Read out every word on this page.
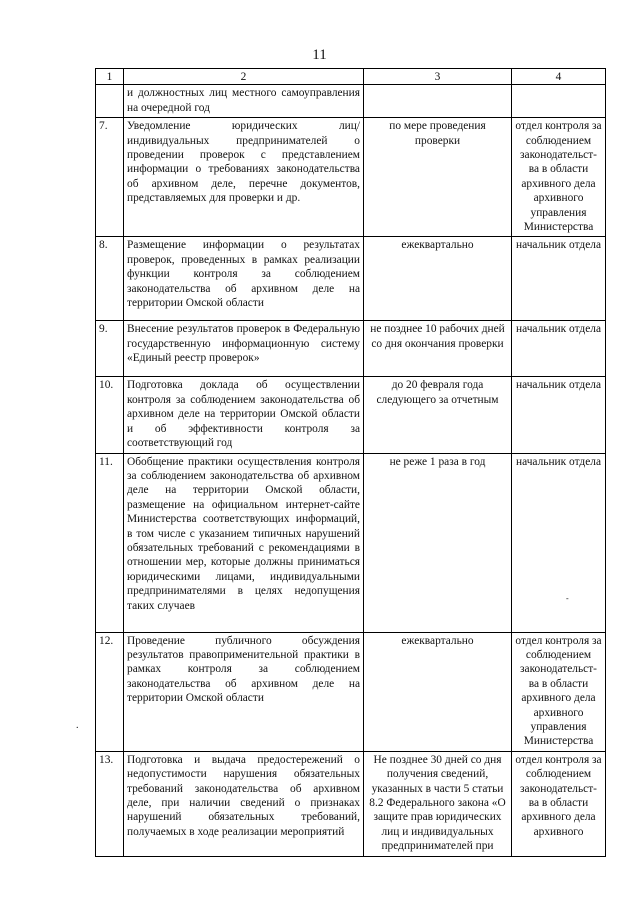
11
1	2	3	4
	и должностных лиц местного самоуправления на очередной год		
7.	Уведомление юридических лиц/индивидуальных предпринимателей о проведении проверок с представлением информации о требованиях законодательства об архивном деле, перечне документов, представляемых для проверки и др.	по мере проведения проверки	отдел контроля за соблюдением законодательст-ва в области архивного дела архивного управления Министерства
8.	Размещение информации о результатах проверок, проведенных в рамках реализации функции контроля за соблюдением законодательства об архивном деле на территории Омской области	ежеквартально	начальник отдела
9.	Внесение результатов проверок в Федеральную государственную информационную систему «Единый реестр проверок»	не позднее 10 рабочих дней со дня окончания проверки	начальник отдела
10.	Подготовка доклада об осуществлении контроля за соблюдением законодательства об архивном деле на территории Омской области и об эффективности контроля за соответствующий год	до 20 февраля года следующего за отчетным	начальник отдела
11.	Обобщение практики осуществления контроля за соблюдением законодательства об архивном деле на территории Омской области, размещение на официальном интернет-сайте Министерства соответствующих информаций, в том числе с указанием типичных нарушений обязательных требований с рекомендациями в отношении мер, которые должны приниматься юридическими лицами, индивидуальными предпринимателями в целях недопущения таких случаев	не реже 1 раза в год	начальник отдела
12.	Проведение публичного обсуждения результатов правоприменительной практики в рамках контроля за соблюдением законодательства об архивном деле на территории Омской области	ежеквартально	отдел контроля за соблюдением законодательст-ва в области архивного дела архивного управления Министерства
13.	Подготовка и выдача предостережений о недопустимости нарушения обязательных требований законодательства об архивном деле, при наличии сведений о признаках нарушений обязательных требований, получаемых в ходе реализации мероприятий	Не позднее 30 дней со дня получения сведений, указанных в части 5 статьи 8.2 Федерального закона «О защите прав юридических лиц и индивидуальных предпринимателей при	отдел контроля за соблюдением законодательст-ва в области архивного дела архивного
.
-
